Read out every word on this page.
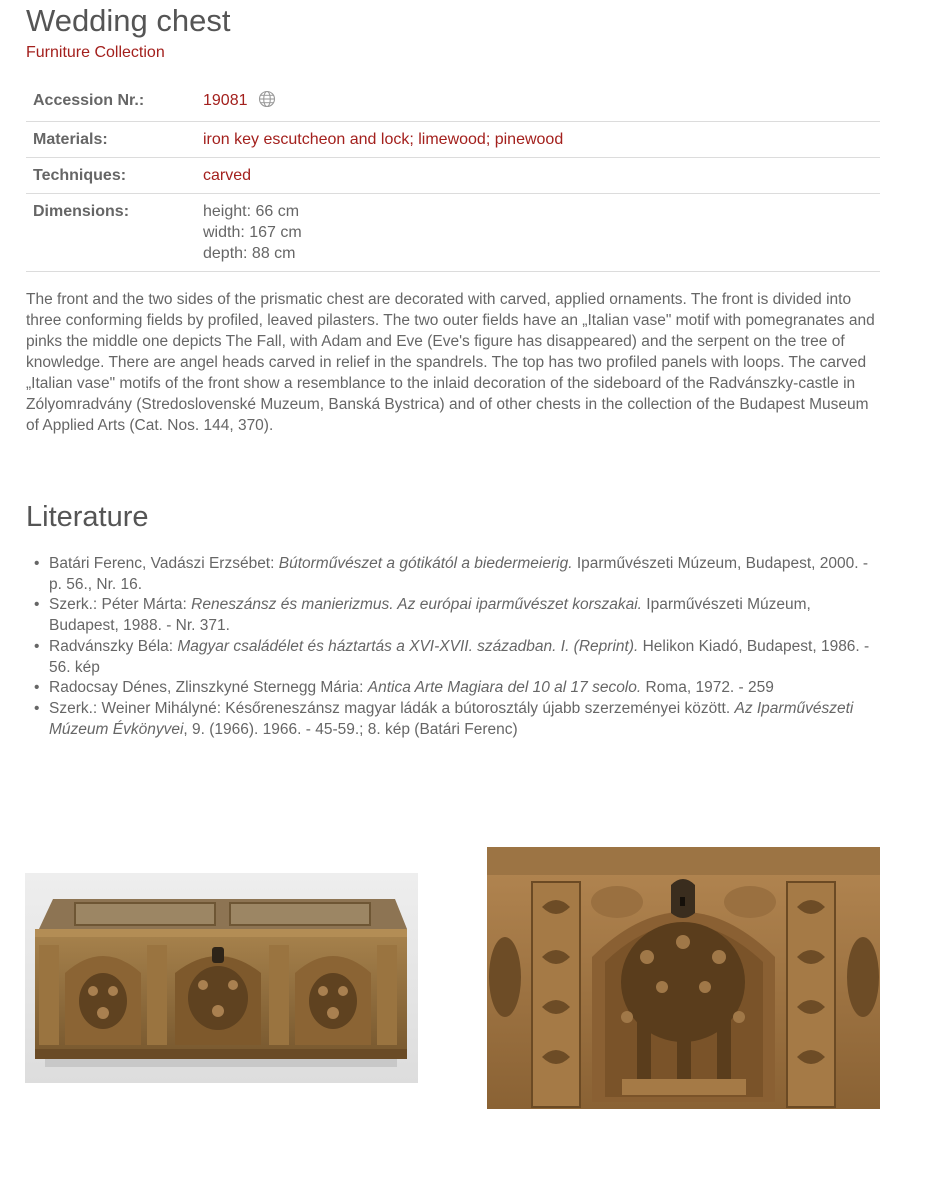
Wedding chest
Furniture Collection
Accession Nr.:	19081
Materials:	iron key escutcheon and lock; limewood; pinewood
Techniques:	carved
Dimensions:	height: 66 cm
width: 167 cm
depth: 88 cm

The front and the two sides of the prismatic chest are decorated with carved, applied ornaments. The front is divided into three conforming fields by profiled, leaved pilasters. The two outer fields have an „Italian vase" motif with pomegranates and pinks the middle one depicts The Fall, with Adam and Eve (Eve's figure has disappeared) and the serpent on the tree of knowledge. There are angel heads carved in relief in the spandrels. The top has two profiled panels with loops. The carved „Italian vase" motifs of the front show a resemblance to the inlaid decoration of the sideboard of the Radvánszky-castle in Zólyomradvány (Stredoslovenské Muzeum, Banská Bystrica) and of other chests in the collection of the Budapest Museum of Applied Arts (Cat. Nos. 144, 370).

Literature
• Batári Ferenc, Vadászi Erzsébet: Bútorművészet a gótikától a biedermeierig. Iparművészeti Múzeum, Budapest, 2000. - p. 56., Nr. 16.
• Szerk.: Péter Márta: Reneszánsz és manierizmus. Az európai iparművészet korszakai. Iparművészeti Múzeum, Budapest, 1988. - Nr. 371.
• Radvánszky Béla: Magyar családélet és háztartás a XVI-XVII. században. I. (Reprint). Helikon Kiadó, Budapest, 1986. - 56. kép
• Radocsay Dénes, Zlinszkyné Sternegg Mária: Antica Arte Magiara del 10 al 17 secolo. Roma, 1972. - 259
• Szerk.: Weiner Mihályné: Későreneszánsz magyar ládák a bútorosztály újabb szerzeményei között. Az Iparművészeti Múzeum Évkönyvei, 9. (1966). 1966. - 45-59.; 8. kép (Batári Ferenc)
